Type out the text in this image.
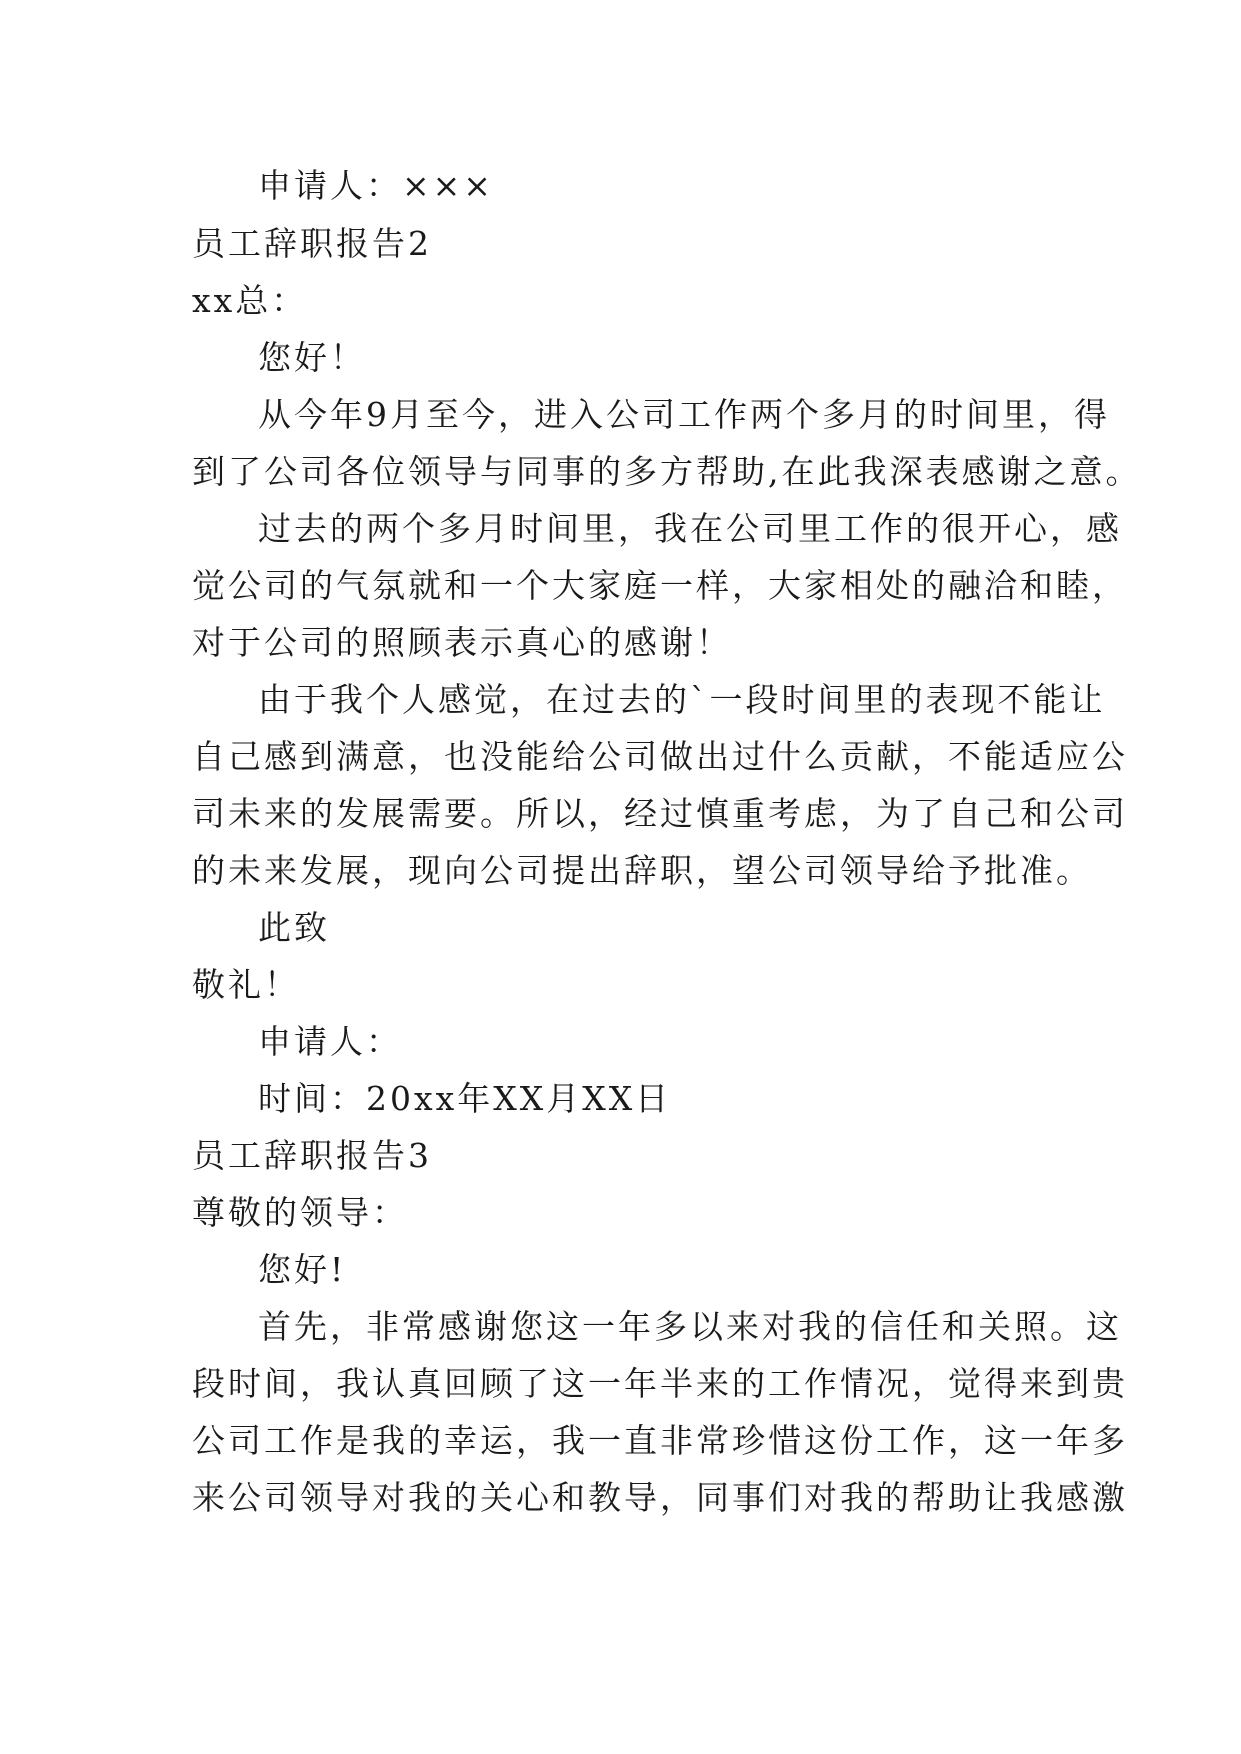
申请人：×××
员工辞职报告2
xx总：
您好！
从今年9月至今，进入公司工作两个多月的时间里，得
到了公司各位领导与同事的多方帮助,在此我深表感谢之意。
过去的两个多月时间里，我在公司里工作的很开心，感
觉公司的气氛就和一个大家庭一样，大家相处的融洽和睦，
对于公司的照顾表示真心的感谢！
由于我个人感觉，在过去的`一段时间里的表现不能让
自己感到满意，也没能给公司做出过什么贡献，不能适应公
司未来的发展需要。所以，经过慎重考虑，为了自己和公司
的未来发展，现向公司提出辞职，望公司领导给予批准。
此致
敬礼！
申请人：
时间：20xx年XX月XX日
员工辞职报告3
尊敬的领导：
您好!
首先，非常感谢您这一年多以来对我的信任和关照。这
段时间，我认真回顾了这一年半来的工作情况，觉得来到贵
公司工作是我的幸运，我一直非常珍惜这份工作，这一年多
来公司领导对我的关心和教导，同事们对我的帮助让我感激
